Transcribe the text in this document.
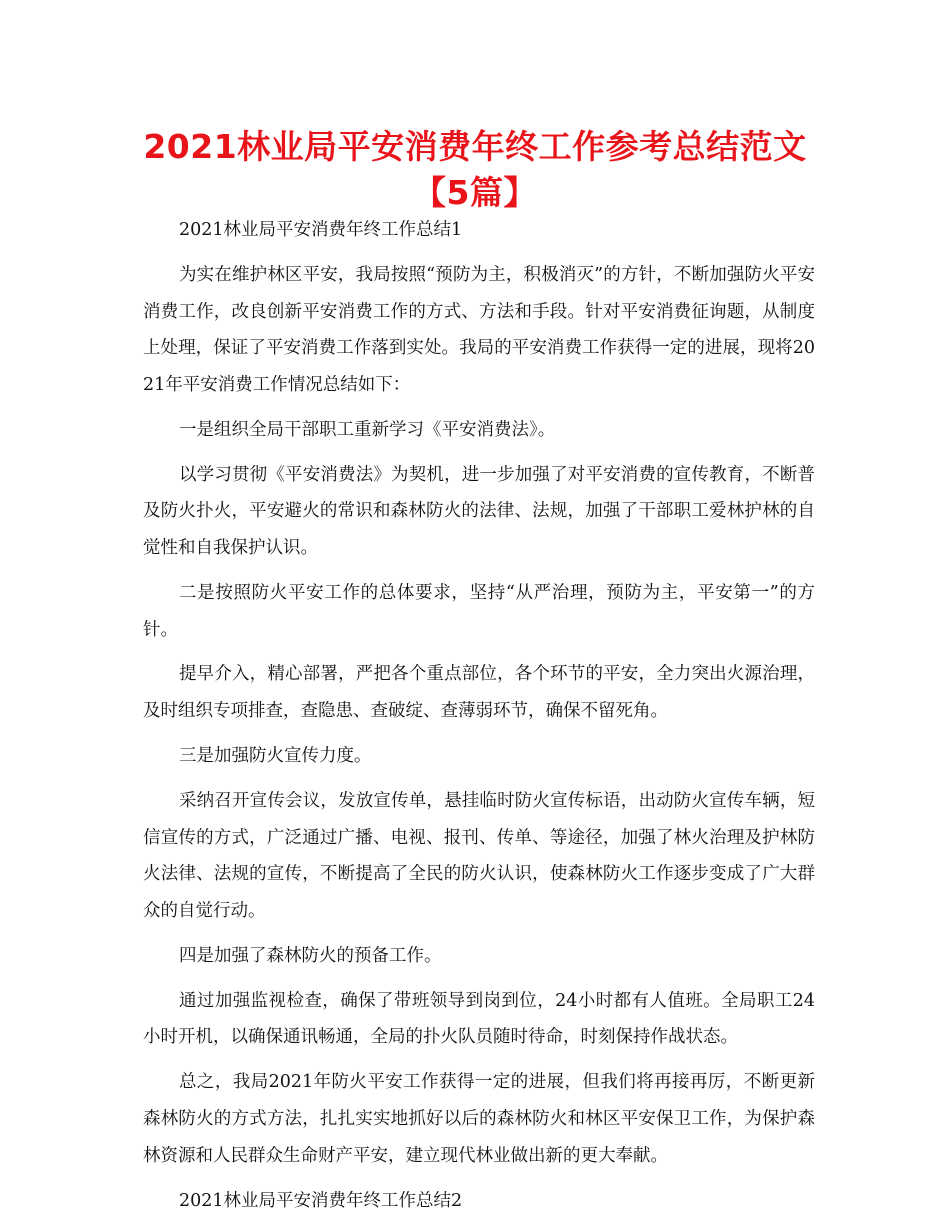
2021林业局平安消费年终工作参考总结范文【5篇】

2021林业局平安消费年终工作总结1

为实在维护林区平安，我局按照“预防为主，积极消灭”的方针，不断加强防火平安消费工作，改良创新平安消费工作的方式、方法和手段。针对平安消费征询题，从制度上处理，保证了平安消费工作落到实处。我局的平安消费工作获得一定的进展，现将2021年平安消费工作情况总结如下：

一是组织全局干部职工重新学习《平安消费法》。

以学习贯彻《平安消费法》为契机，进一步加强了对平安消费的宣传教育，不断普及防火扑火，平安避火的常识和森林防火的法律、法规，加强了干部职工爱林护林的自觉性和自我保护认识。

二是按照防火平安工作的总体要求，坚持“从严治理，预防为主，平安第一”的方针。

提早介入，精心部署，严把各个重点部位，各个环节的平安，全力突出火源治理，及时组织专项排查，查隐患、查破绽、查薄弱环节，确保不留死角。

三是加强防火宣传力度。

采纳召开宣传会议，发放宣传单，悬挂临时防火宣传标语，出动防火宣传车辆，短信宣传的方式，广泛通过广播、电视、报刊、传单、等途径，加强了林火治理及护林防火法律、法规的宣传，不断提高了全民的防火认识，使森林防火工作逐步变成了广大群众的自觉行动。

四是加强了森林防火的预备工作。

通过加强监视检查，确保了带班领导到岗到位，24小时都有人值班。全局职工24小时开机，以确保通讯畅通，全局的扑火队员随时待命，时刻保持作战状态。

总之，我局2021年防火平安工作获得一定的进展，但我们将再接再厉，不断更新森林防火的方式方法，扎扎实实地抓好以后的森林防火和林区平安保卫工作，为保护森林资源和人民群众生命财产平安，建立现代林业做出新的更大奉献。

2021林业局平安消费年终工作总结2
